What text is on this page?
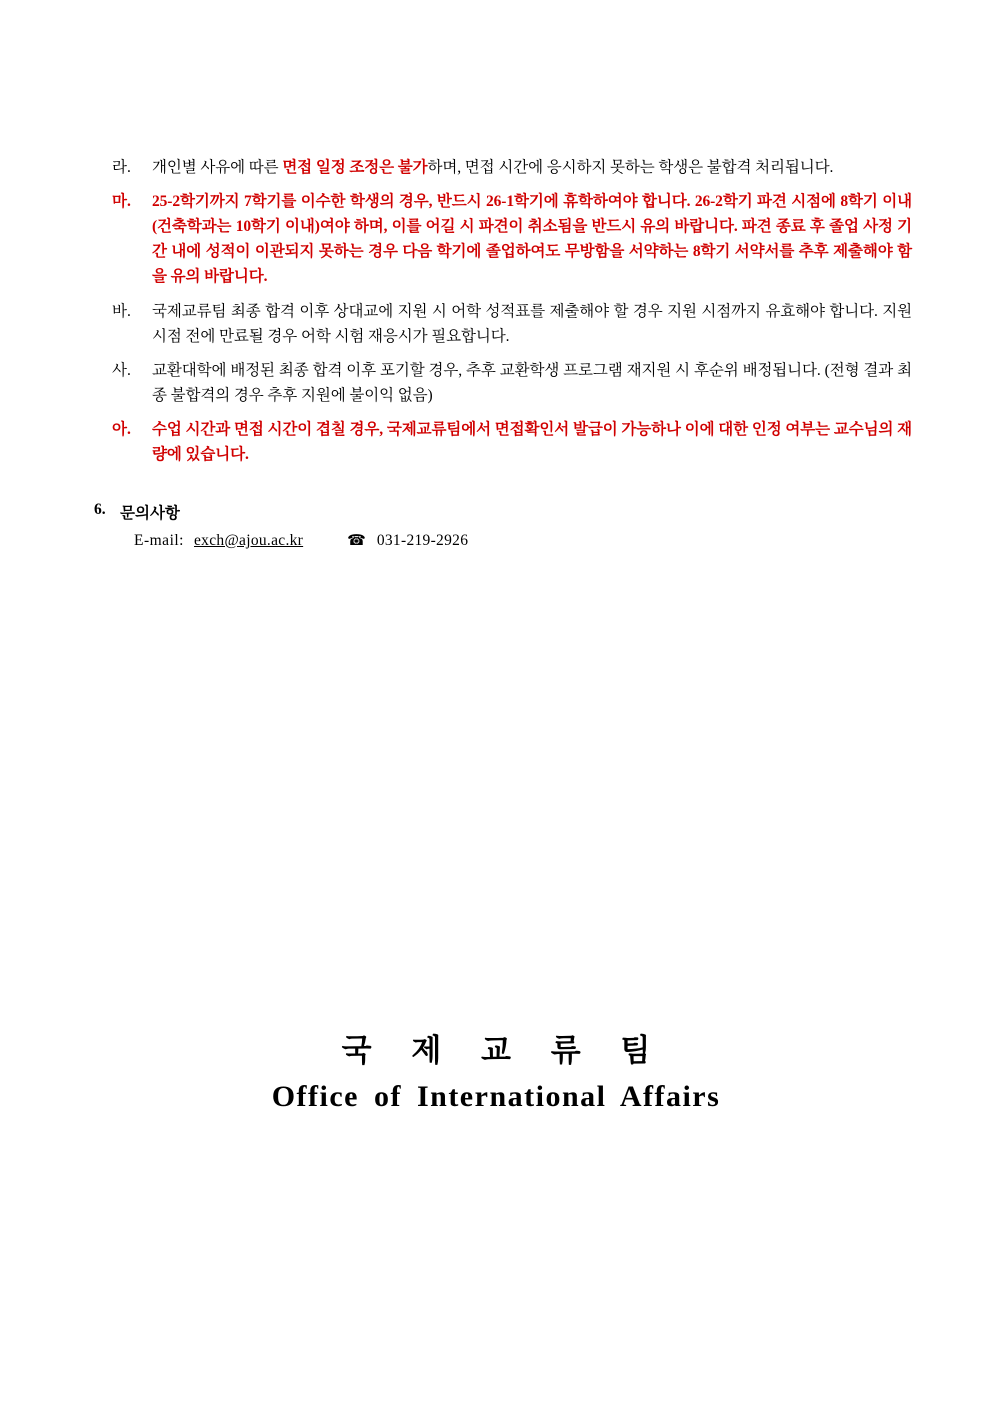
라.	개인별 사유에 따른 면접 일정 조정은 불가하며, 면접 시간에 응시하지 못하는 학생은 불합격 처리됩니다.
마.	25-2학기까지 7학기를 이수한 학생의 경우, 반드시 26-1학기에 휴학하여야 합니다. 26-2학기 파견 시점에 8학기 이내(건축학과는 10학기 이내)여야 하며, 이를 어길 시 파견이 취소됨을 반드시 유의 바랍니다. 파견 종료 후 졸업 사정 기간 내에 성적이 이관되지 못하는 경우 다음 학기에 졸업하여도 무방함을 서약하는 8학기 서약서를 추후 제출해야 함을 유의 바랍니다.
바.	국제교류팀 최종 합격 이후 상대교에 지원 시 어학 성적표를 제출해야 할 경우 지원 시점까지 유효해야 합니다. 지원 시점 전에 만료될 경우 어학 시험 재응시가 필요합니다.
사.	교환대학에 배정된 최종 합격 이후 포기할 경우, 추후 교환학생 프로그램 재지원 시 후순위 배정됩니다. (전형 결과 최종 불합격의 경우 추후 지원에 불이익 없음)
아.	수업 시간과 면접 시간이 겹칠 경우, 국제교류팀에서 면접확인서 발급이 가능하나 이에 대한 인정 여부는 교수님의 재량에 있습니다.
6. 문의사항
E-mail: exch@ajou.ac.kr	☎ 031-219-2926
국 제 교 류 팀
Office of International Affairs
